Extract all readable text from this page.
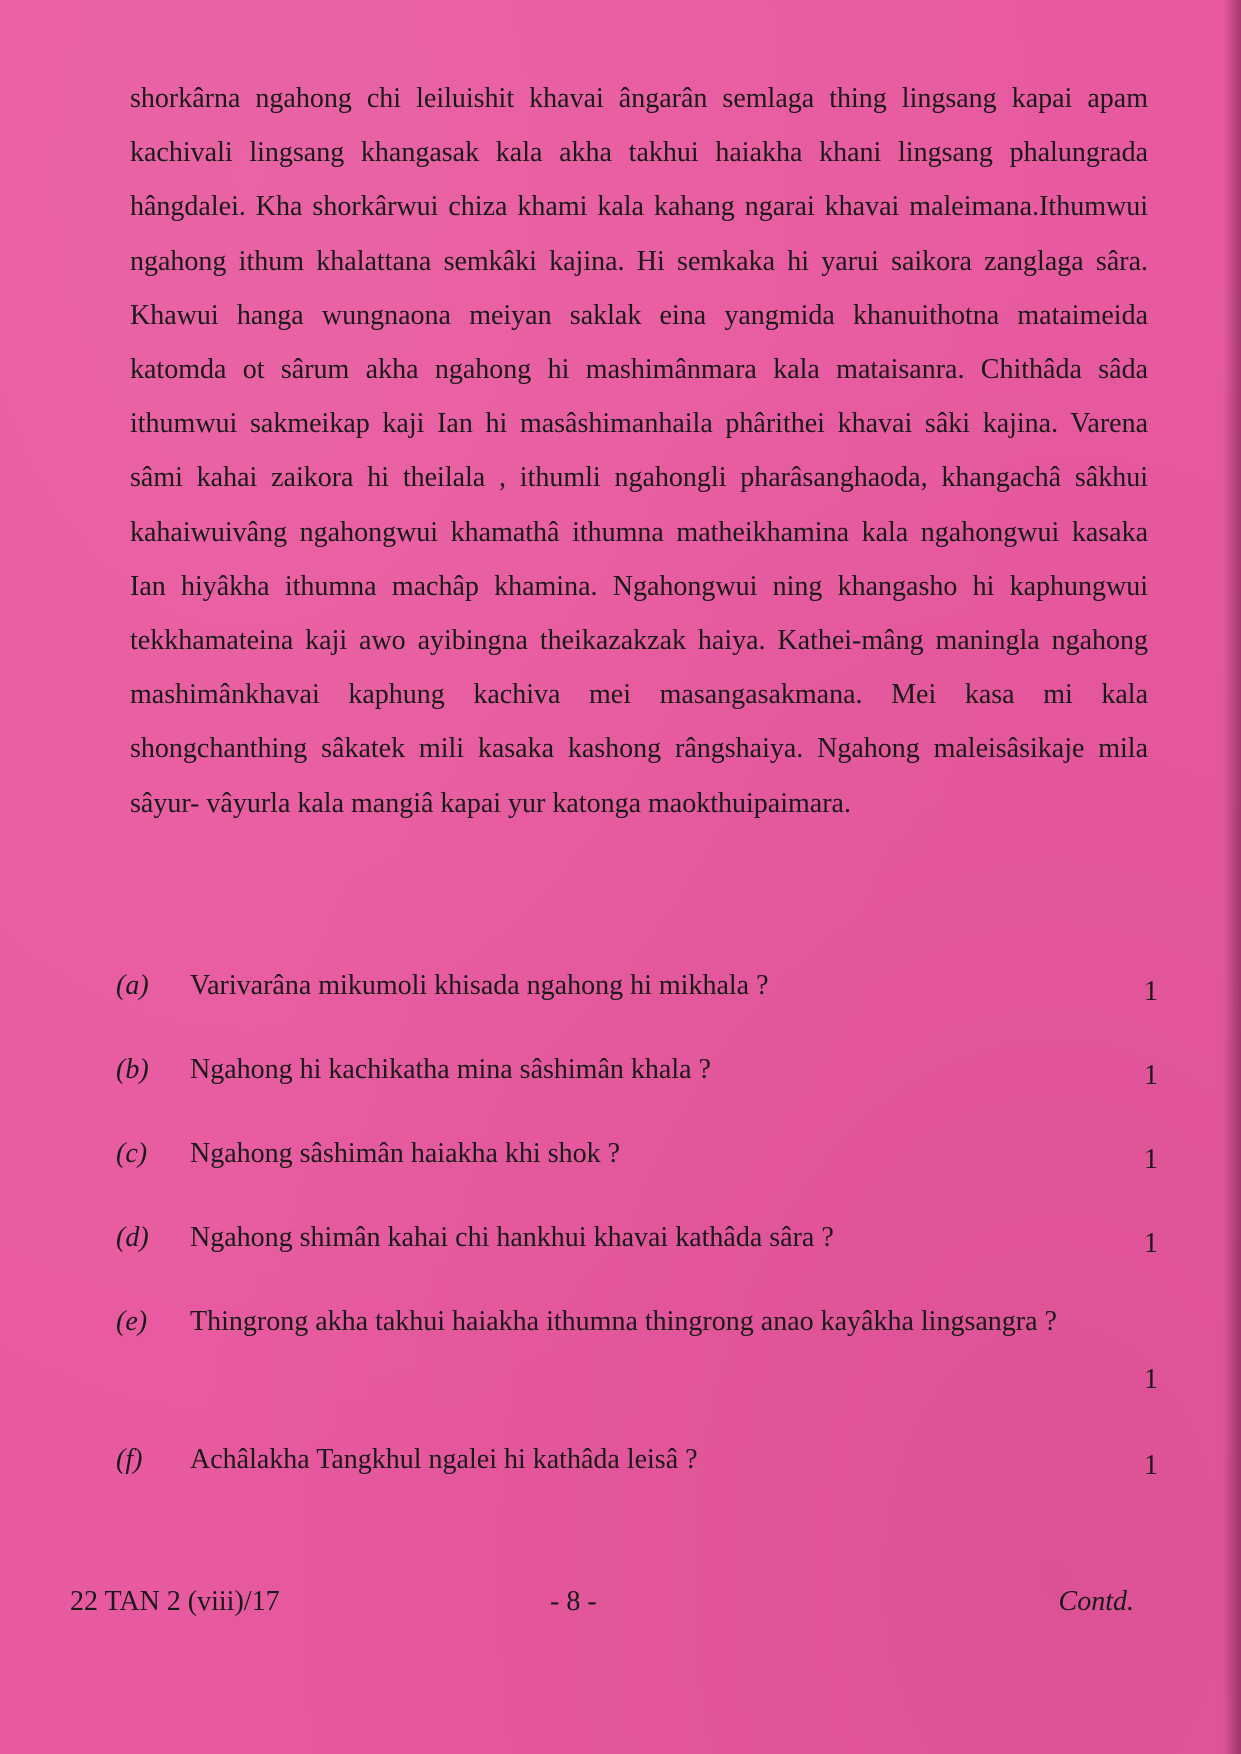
shorkârna ngahong chi leiluishit khavai ângarân semlaga thing lingsang kapai apam kachivali lingsang khangasak kala akha takhui haiakha khani lingsang phalungrada hângdalei. Kha shorkârwui chiza khami kala kahang ngarai khavai maleimana.Ithumwui ngahong ithum khalattana semkâki kajina. Hi semkaka hi yarui saikora zanglaga sâra. Khawui hanga wungnaona meiyan saklak eina yangmida khanuithotna mataimeida katomda ot sârum akha ngahong hi mashimânmara kala mataisanra. Chithâda sâda ithumwui sakmeikap kaji Ian hi masâshimanhaila phârithei khavai sâki kajina. Varena sâmi kahai zaikora hi theilala , ithumli ngahongli pharâsanghaoda, khangachâ sâkhui kahaiwuivâng ngahongwui khamathâ ithumna matheikhamina kala ngahongwui kasaka Ian hiyâkha ithumna machâp khamina. Ngahongwui ning khangasho hi kaphungwui tekkhamateina kaji awo ayibingna theikazakzak haiya. Kathei-mâng maningla ngahong mashimânkhavai kaphung kachiva mei masangasakmana. Mei kasa mi kala shongchanthing sâkatek mili kasaka kashong rângshaiya. Ngahong maleisâsikaje mila sâyur- vâyurla kala mangiâ kapai yur katonga maokthuipaimara.

(a) Varivarâna mikumoli khisada ngahong hi mikhala ?	1
(b) Ngahong hi kachikatha mina sâshimân khala ?	1
(c) Ngahong sâshimân haiakha khi shok ?	1
(d) Ngahong shimân kahai chi hankhui khavai kathâda sâra ?	1
(e) Thingrong akha takhui haiakha ithumna thingrong anao kayâkha lingsangra ?
1
(f) Achâlakha Tangkhul ngalei hi kathâda leisâ ?	1
22 TAN 2 (viii)/17	- 8 -	Contd.
